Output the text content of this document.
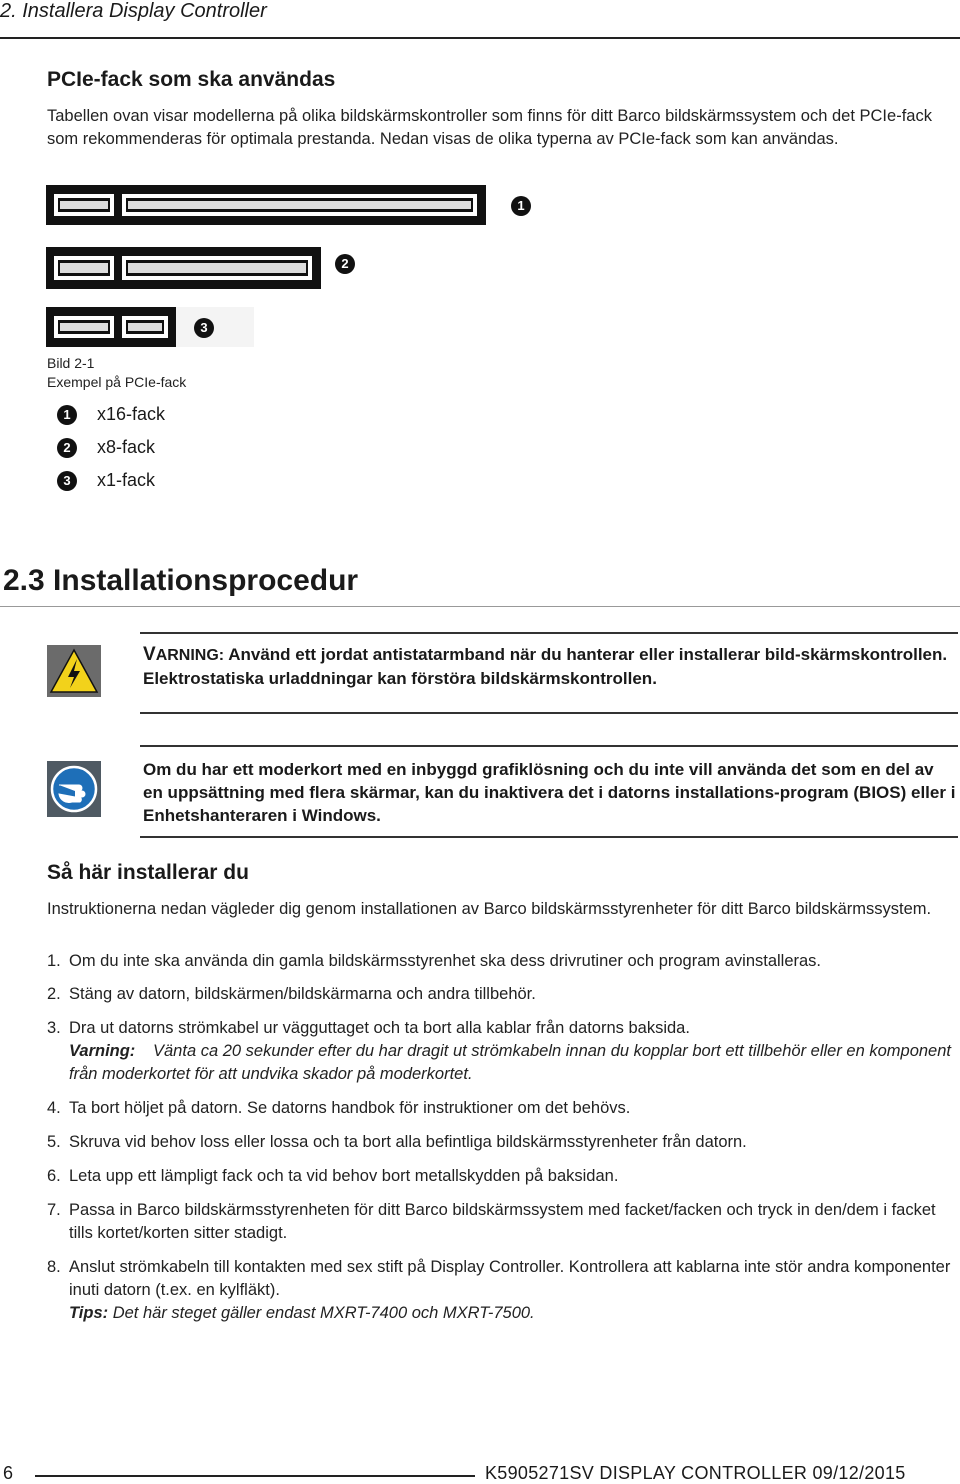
2. Installera Display Controller
PCIe-fack som ska användas
Tabellen ovan visar modellerna på olika bildskärmskontroller som finns för ditt Barco bildskärmssystem och det PCIe-fack som rekommenderas för optimala prestanda. Nedan visas de olika typerna av PCIe-fack som kan användas.
1
2
3
Bild 2-1
Exempel på PCIe-fack
1	x16-fack
2	x8-fack
3	x1-fack
2.3 Installationsprocedur
VARNING: Använd ett jordat antistatarmband när du hanterar eller installerar bild-skärmskontrollen. Elektrostatiska urladdningar kan förstöra bildskärmskontrollen.
Om du har ett moderkort med en inbyggd grafiklösning och du inte vill använda det som en del av en uppsättning med flera skärmar, kan du inaktivera det i datorns installations-program (BIOS) eller i Enhetshanteraren i Windows.
Så här installerar du
Instruktionerna nedan vägleder dig genom installationen av Barco bildskärmsstyrenheter för ditt Barco bildskärmssystem.
1. Om du inte ska använda din gamla bildskärmsstyrenhet ska dess drivrutiner och program avinstalleras.
2. Stäng av datorn, bildskärmen/bildskärmarna och andra tillbehör.
3. Dra ut datorns strömkabel ur vägguttaget och ta bort alla kablar från datorns baksida.
Varning: Vänta ca 20 sekunder efter du har dragit ut strömkabeln innan du kopplar bort ett tillbehör eller en komponent från moderkortet för att undvika skador på moderkortet.
4. Ta bort höljet på datorn. Se datorns handbok för instruktioner om det behövs.
5. Skruva vid behov loss eller lossa och ta bort alla befintliga bildskärmsstyrenheter från datorn.
6. Leta upp ett lämpligt fack och ta vid behov bort metallskydden på baksidan.
7. Passa in Barco bildskärmsstyrenheten för ditt Barco bildskärmssystem med facket/facken och tryck in den/dem i facket tills kortet/korten sitter stadigt.
8. Anslut strömkabeln till kontakten med sex stift på Display Controller. Kontrollera att kablarna inte stör andra komponenter inuti datorn (t.ex. en kylfläkt).
Tips: Det här steget gäller endast MXRT-7400 och MXRT-7500.
6	K5905271SV DISPLAY CONTROLLER 09/12/2015
